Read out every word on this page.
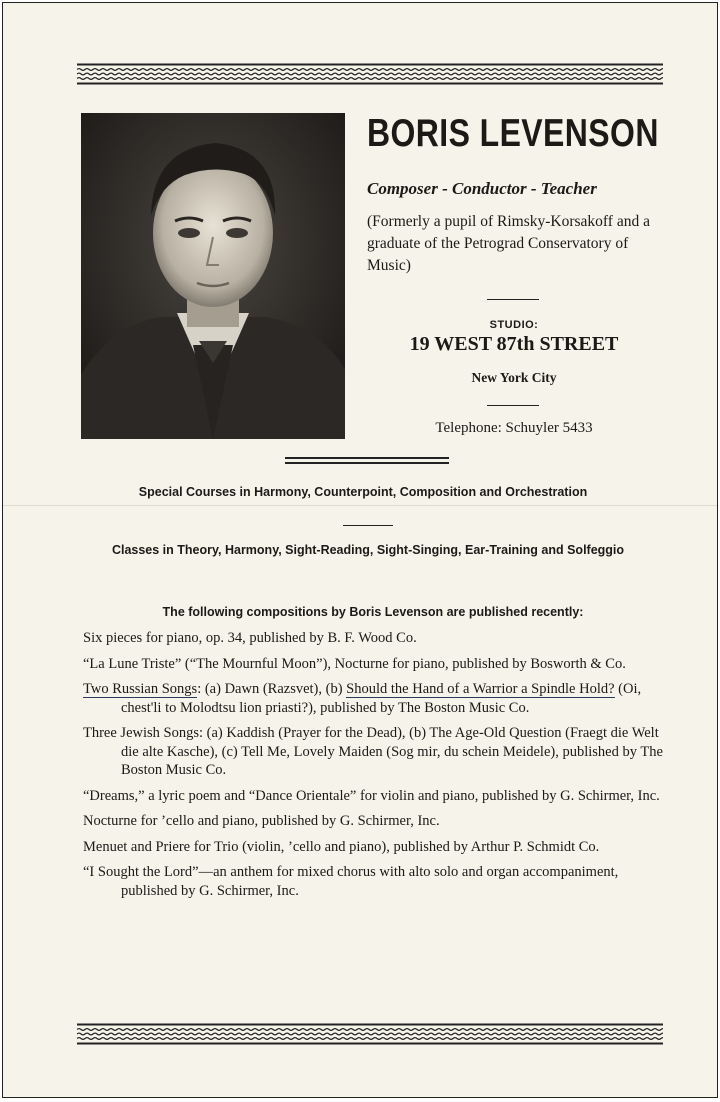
BORIS LEVENSON
Composer - Conductor - Teacher
(Formerly a pupil of Rimsky-Korsakoff and a graduate of the Petrograd Conservatory of Music)
STUDIO:
19 WEST 87th STREET
New York City
Telephone: Schuyler 5433
Special Courses in Harmony, Counterpoint, Composition and Orchestration
Classes in Theory, Harmony, Sight-Reading, Sight-Singing, Ear-Training and Solfeggio
The following compositions by Boris Levenson are published recently:
Six pieces for piano, op. 34, published by B. F. Wood Co.
“La Lune Triste” (“The Mournful Moon”), Nocturne for piano, published by Bosworth & Co.
Two Russian Songs: (a) Dawn (Razsvet), (b) Should the Hand of a Warrior a Spindle Hold? (Oi, chest'li to Molodtsu lion priasti?), published by The Boston Music Co.
Three Jewish Songs: (a) Kaddish (Prayer for the Dead), (b) The Age-Old Question (Fraegt die Welt die alte Kasche), (c) Tell Me, Lovely Maiden (Sog mir, du schein Meidele), published by The Boston Music Co.
“Dreams,” a lyric poem and “Dance Orientale” for violin and piano, published by G. Schirmer, Inc.
Nocturne for ’cello and piano, published by G. Schirmer, Inc.
Menuet and Priere for Trio (violin, ’cello and piano), published by Arthur P. Schmidt Co.
“I Sought the Lord”—an anthem for mixed chorus with alto solo and organ accompaniment, published by G. Schirmer, Inc.
